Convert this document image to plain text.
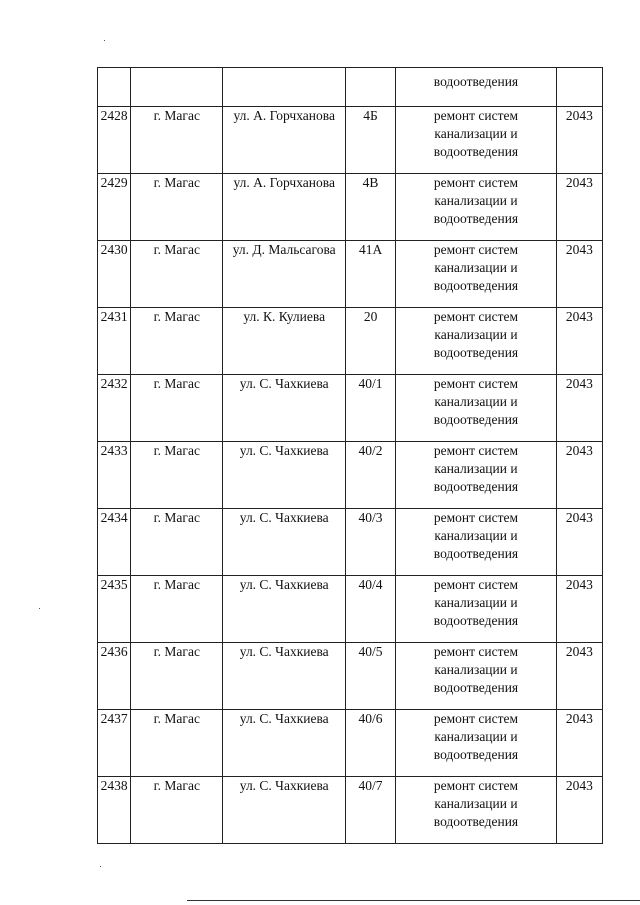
				водоотведения	
2428	г. Магас	ул. А. Горчханова	4Б	ремонт систем канализации и водоотведения	2043
2429	г. Магас	ул. А. Горчханова	4В	ремонт систем канализации и водоотведения	2043
2430	г. Магас	ул. Д. Мальсагова	41А	ремонт систем канализации и водоотведения	2043
2431	г. Магас	ул. К. Кулиева	20	ремонт систем канализации и водоотведения	2043
2432	г. Магас	ул. С. Чахкиева	40/1	ремонт систем канализации и водоотведения	2043
2433	г. Магас	ул. С. Чахкиева	40/2	ремонт систем канализации и водоотведения	2043
2434	г. Магас	ул. С. Чахкиева	40/3	ремонт систем канализации и водоотведения	2043
2435	г. Магас	ул. С. Чахкиева	40/4	ремонт систем канализации и водоотведения	2043
2436	г. Магас	ул. С. Чахкиева	40/5	ремонт систем канализации и водоотведения	2043
2437	г. Магас	ул. С. Чахкиева	40/6	ремонт систем канализации и водоотведения	2043
2438	г. Магас	ул. С. Чахкиева	40/7	ремонт систем канализации и водоотведения	2043
